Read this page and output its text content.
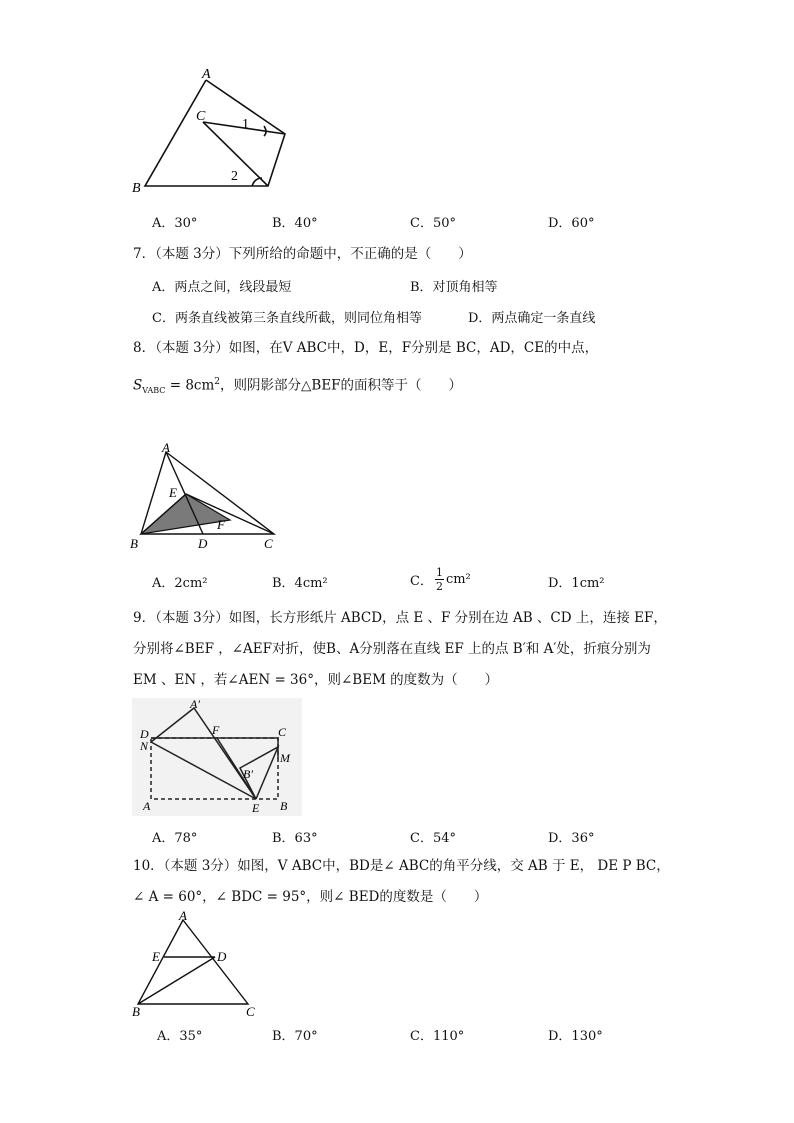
A
B
C
1
2
A．30°	B．40°	C．50°	D．60°
7．（本题 3分）下列所给的命题中，不正确的是（　　）
A．两点之间，线段最短	B．对顶角相等
C．两条直线被第三条直线所截，则同位角相等	D．两点确定一条直线
8．（本题 3分）如图，在V ABC中，D，E，F分别是 BC，AD，CE的中点，
$S_{VABC} = 8cm^2$，则阴影部分△BEF的面积等于（　　）
A
B	C
D
E
F
A．2cm²	B．4cm²	C． $\frac{1}{2} cm^2$	D．1cm²
9．（本题 3分）如图，长方形纸片 ABCD，点 E 、F 分别在边 AB 、CD 上，连接 EF，
分别将∠BEF ，∠AEF对折，使B、A分别落在直线 EF 上的点 B′和 A′处，折痕分别为
EM 、EN ，若∠AEN = 36°，则∠BEM 的度数为（　　）
A′
D
N
F	C
M
B′
A	E B
A．78°	B．63°	C．54°	D．36°
10．（本题 3分）如图，V ABC中，BD是∠ ABC的角平分线，交 AB 于 E， DE P BC，
∠ A = 60°，∠ BDC = 95°，则∠ BED的度数是（　　）
A
B	C
D
E
A．35°	B．70°	C．110°	D．130°
